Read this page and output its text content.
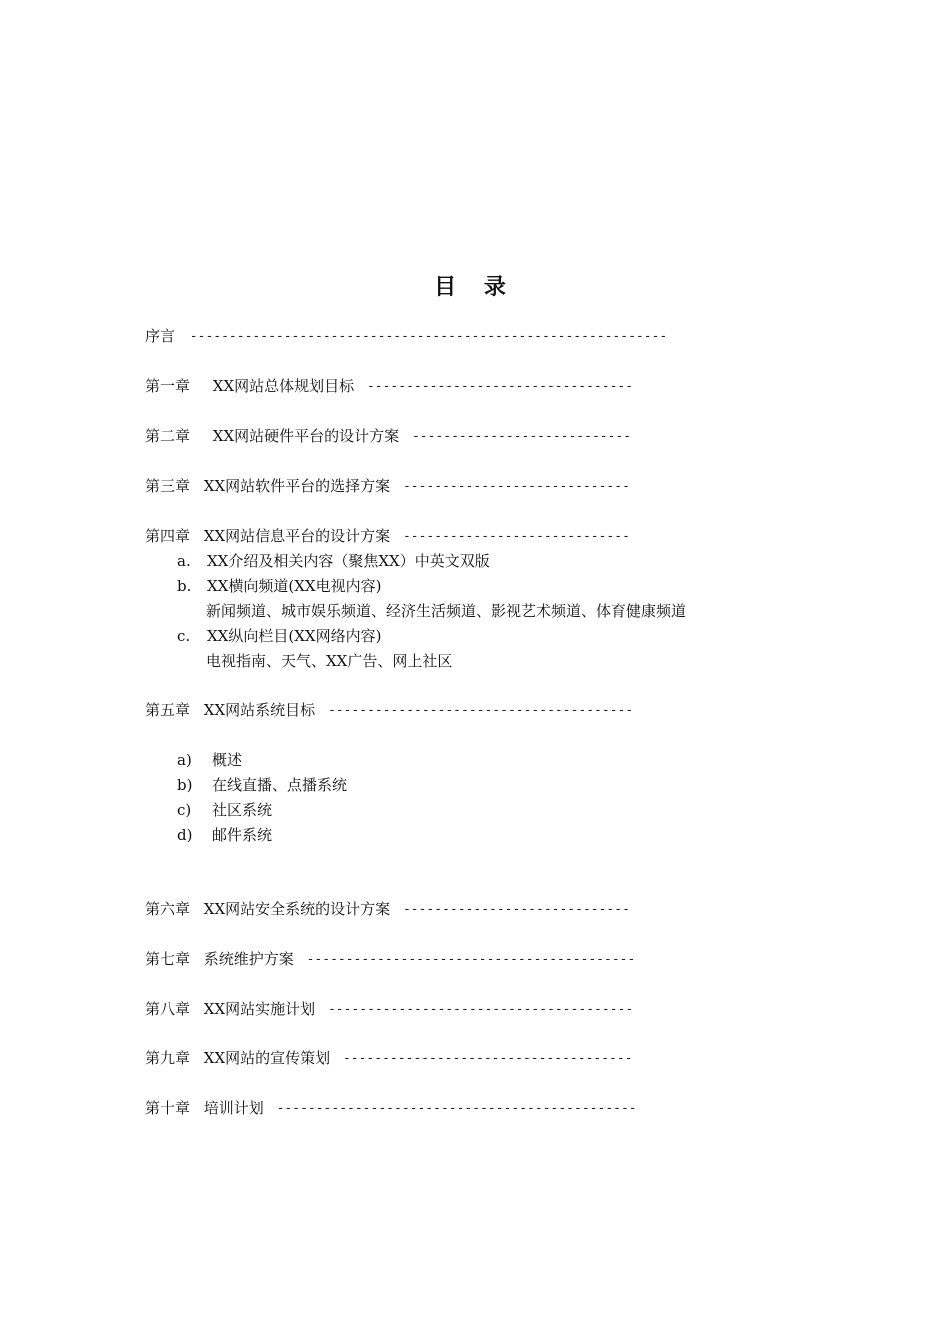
目 录
序言 -------------------------------------------------------------
第一章 XX网站总体规划目标 ----------------------------------
第二章 XX网站硬件平台的设计方案 ----------------------------
第三章 XX网站软件平台的选择方案 -----------------------------
第四章 XX网站信息平台的设计方案 -----------------------------
a. XX介绍及相关内容（聚焦XX）中英文双版
b. XX横向频道(XX电视内容)
新闻频道、城市娱乐频道、经济生活频道、影视艺术频道、体育健康频道
c. XX纵向栏目(XX网络内容)
电视指南、天气、XX广告、网上社区
第五章 XX网站系统目标 ---------------------------------------
a) 概述
b) 在线直播、点播系统
c) 社区系统
d) 邮件系统
第六章 XX网站安全系统的设计方案 -----------------------------
第七章 系统维护方案 ------------------------------------------
第八章 XX网站实施计划 ---------------------------------------
第九章 XX网站的宣传策划 -------------------------------------
第十章 培训计划 ----------------------------------------------
